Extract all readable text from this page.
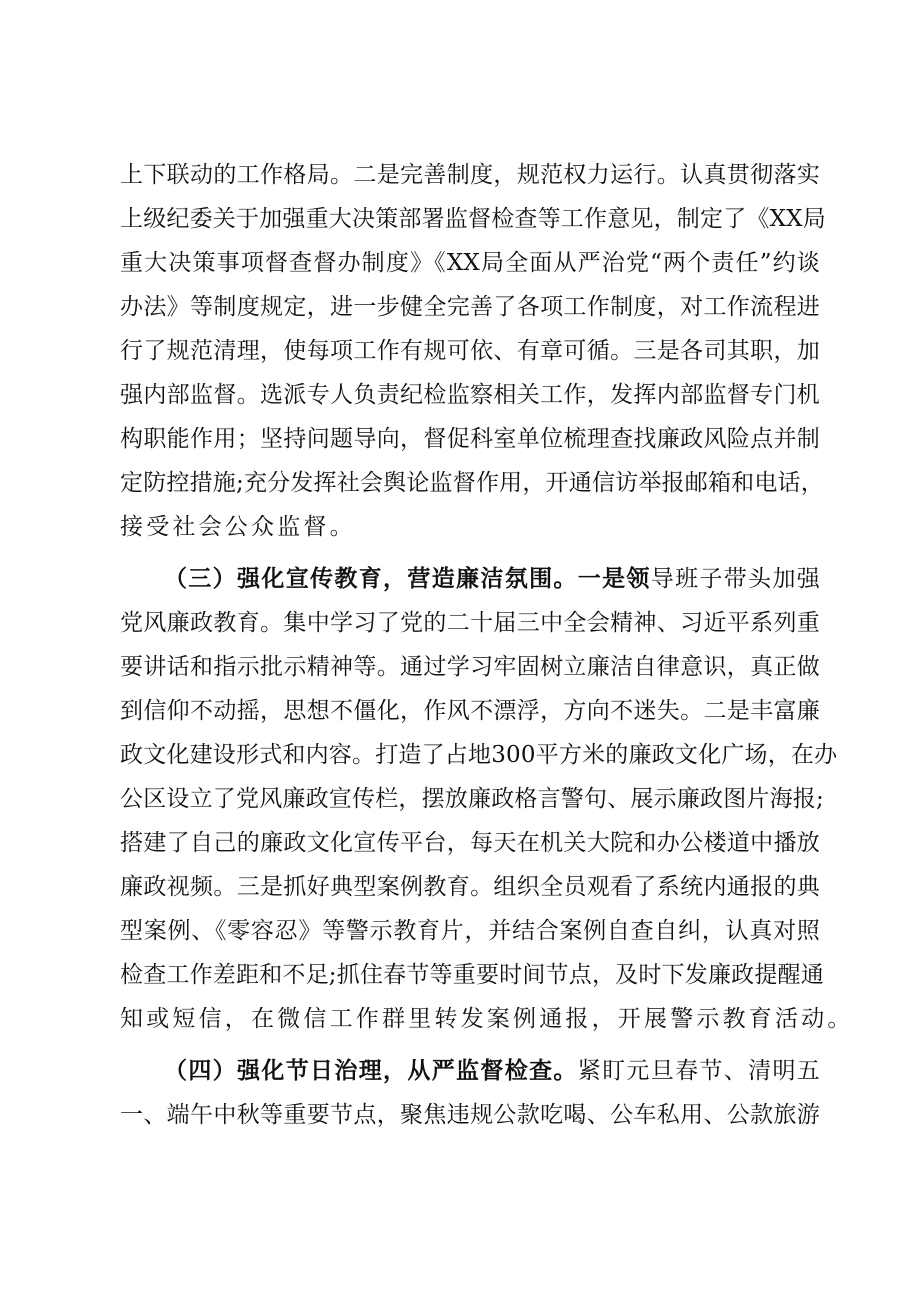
上下联动的工作格局。二是完善制度，规范权力运行。认真贯彻落实
上级纪委关于加强重大决策部署监督检查等工作意见，制定了《XX局
重大决策事项督查督办制度》《XX局全面从严治党“两个责任”约谈
办法》等制度规定，进一步健全完善了各项工作制度，对工作流程进
行了规范清理，使每项工作有规可依、有章可循。三是各司其职，加
强内部监督。选派专人负责纪检监察相关工作，发挥内部监督专门机
构职能作用；坚持问题导向，督促科室单位梳理查找廉政风险点并制
定防控措施;充分发挥社会舆论监督作用，开通信访举报邮箱和电话，
接受社会公众监督。
（三）强化宣传教育，营造廉洁氛围。一是领导班子带头加强
党风廉政教育。集中学习了党的二十届三中全会精神、习近平系列重
要讲话和指示批示精神等。通过学习牢固树立廉洁自律意识，真正做
到信仰不动摇，思想不僵化，作风不漂浮，方向不迷失。二是丰富廉
政文化建设形式和内容。打造了占地300平方米的廉政文化广场，在办
公区设立了党风廉政宣传栏，摆放廉政格言警句、展示廉政图片海报;
搭建了自己的廉政文化宣传平台，每天在机关大院和办公楼道中播放
廉政视频。三是抓好典型案例教育。组织全员观看了系统内通报的典
型案例、《零容忍》等警示教育片，并结合案例自查自纠，认真对照
检查工作差距和不足;抓住春节等重要时间节点，及时下发廉政提醒通
知或短信，在微信工作群里转发案例通报，开展警示教育活动。
（四）强化节日治理，从严监督检查。紧盯元旦春节、清明五
一、端午中秋等重要节点，聚焦违规公款吃喝、公车私用、公款旅游
